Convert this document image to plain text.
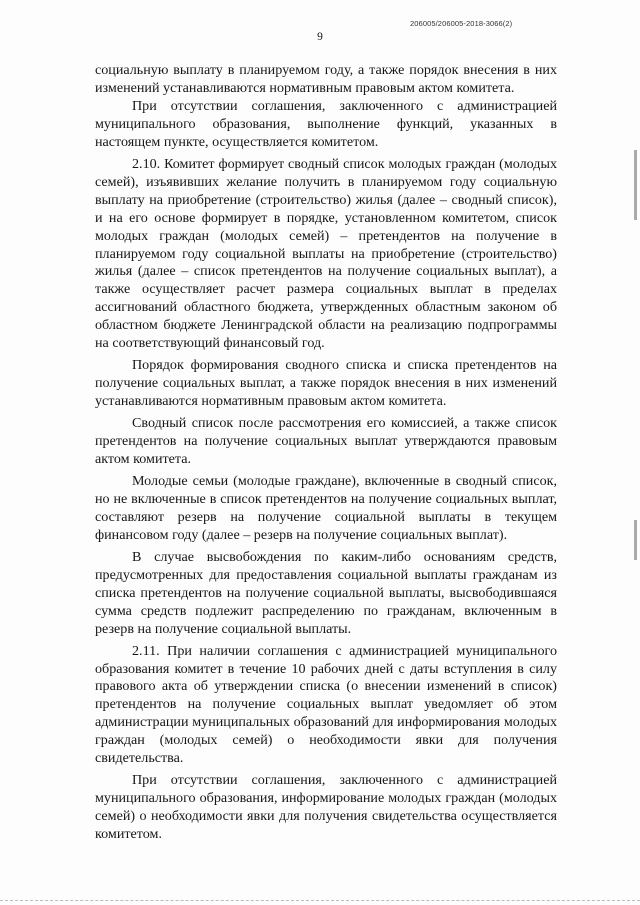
206005/206005-2018-3066(2)
9

социальную выплату в планируемом году, а также порядок внесения в них изменений устанавливаются нормативным правовым актом комитета.

При отсутствии соглашения, заключенного с администрацией муниципального образования, выполнение функций, указанных в настоящем пункте, осуществляется комитетом.

2.10. Комитет формирует сводный список молодых граждан (молодых семей), изъявивших желание получить в планируемом году социальную выплату на приобретение (строительство) жилья (далее – сводный список), и на его основе формирует в порядке, установленном комитетом, список молодых граждан (молодых семей) – претендентов на получение в планируемом году социальной выплаты на приобретение (строительство) жилья (далее – список претендентов на получение социальных выплат), а также осуществляет расчет размера социальных выплат в пределах ассигнований областного бюджета, утвержденных областным законом об областном бюджете Ленинградской области на реализацию подпрограммы на соответствующий финансовый год.

Порядок формирования сводного списка и списка претендентов на получение социальных выплат, а также порядок внесения в них изменений устанавливаются нормативным правовым актом комитета.

Сводный список после рассмотрения его комиссией, а также список претендентов на получение социальных выплат утверждаются правовым актом комитета.

Молодые семьи (молодые граждане), включенные в сводный список, но не включенные в список претендентов на получение социальных выплат, составляют резерв на получение социальной выплаты в текущем финансовом году (далее – резерв на получение социальных выплат).

В случае высвобождения по каким-либо основаниям средств, предусмотренных для предоставления социальной выплаты гражданам из списка претендентов на получение социальной выплаты, высвободившаяся сумма средств подлежит распределению по гражданам, включенным в резерв на получение социальной выплаты.

2.11. При наличии соглашения с администрацией муниципального образования комитет в течение 10 рабочих дней с даты вступления в силу правового акта об утверждении списка (о внесении изменений в список) претендентов на получение социальных выплат уведомляет об этом администрации муниципальных образований для информирования молодых граждан (молодых семей) о необходимости явки для получения свидетельства.

При отсутствии соглашения, заключенного с администрацией муниципального образования, информирование молодых граждан (молодых семей) о необходимости явки для получения свидетельства осуществляется комитетом.
